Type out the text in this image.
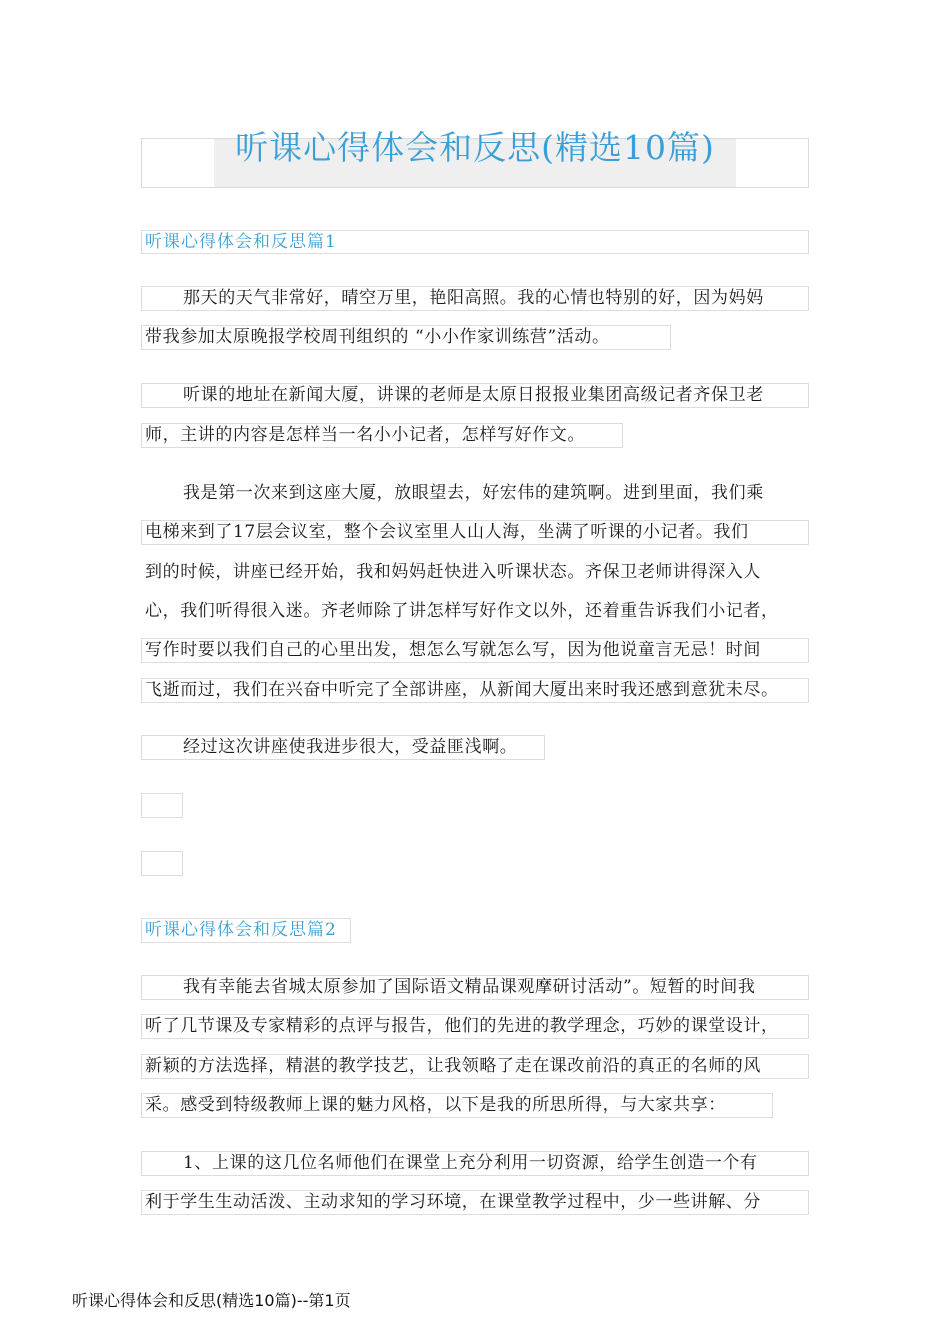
听课心得体会和反思(精选10篇)
听课心得体会和反思篇1
那天的天气非常好，晴空万里，艳阳高照。我的心情也特别的好，因为妈妈
带我参加太原晚报学校周刊组织的 “小小作家训练营”活动。
听课的地址在新闻大厦，讲课的老师是太原日报报业集团高级记者齐保卫老
师，主讲的内容是怎样当一名小小记者，怎样写好作文。
我是第一次来到这座大厦，放眼望去，好宏伟的建筑啊。进到里面，我们乘
电梯来到了17层会议室，整个会议室里人山人海，坐满了听课的小记者。我们
到的时候，讲座已经开始，我和妈妈赶快进入听课状态。齐保卫老师讲得深入人
心，我们听得很入迷。齐老师除了讲怎样写好作文以外，还着重告诉我们小记者，
写作时要以我们自己的心里出发，想怎么写就怎么写，因为他说童言无忌！时间
飞逝而过，我们在兴奋中听完了全部讲座，从新闻大厦出来时我还感到意犹未尽。
经过这次讲座使我进步很大，受益匪浅啊。
听课心得体会和反思篇2
我有幸能去省城太原参加了国际语文精品课观摩研讨活动”。短暂的时间我
听了几节课及专家精彩的点评与报告，他们的先进的教学理念，巧妙的课堂设计，
新颖的方法选择，精湛的教学技艺，让我领略了走在课改前沿的真正的名师的风
采。感受到特级教师上课的魅力风格，以下是我的所思所得，与大家共享：
1、上课的这几位名师他们在课堂上充分利用一切资源，给学生创造一个有
利于学生生动活泼、主动求知的学习环境，在课堂教学过程中，少一些讲解、分
听课心得体会和反思(精选10篇)--第1页
